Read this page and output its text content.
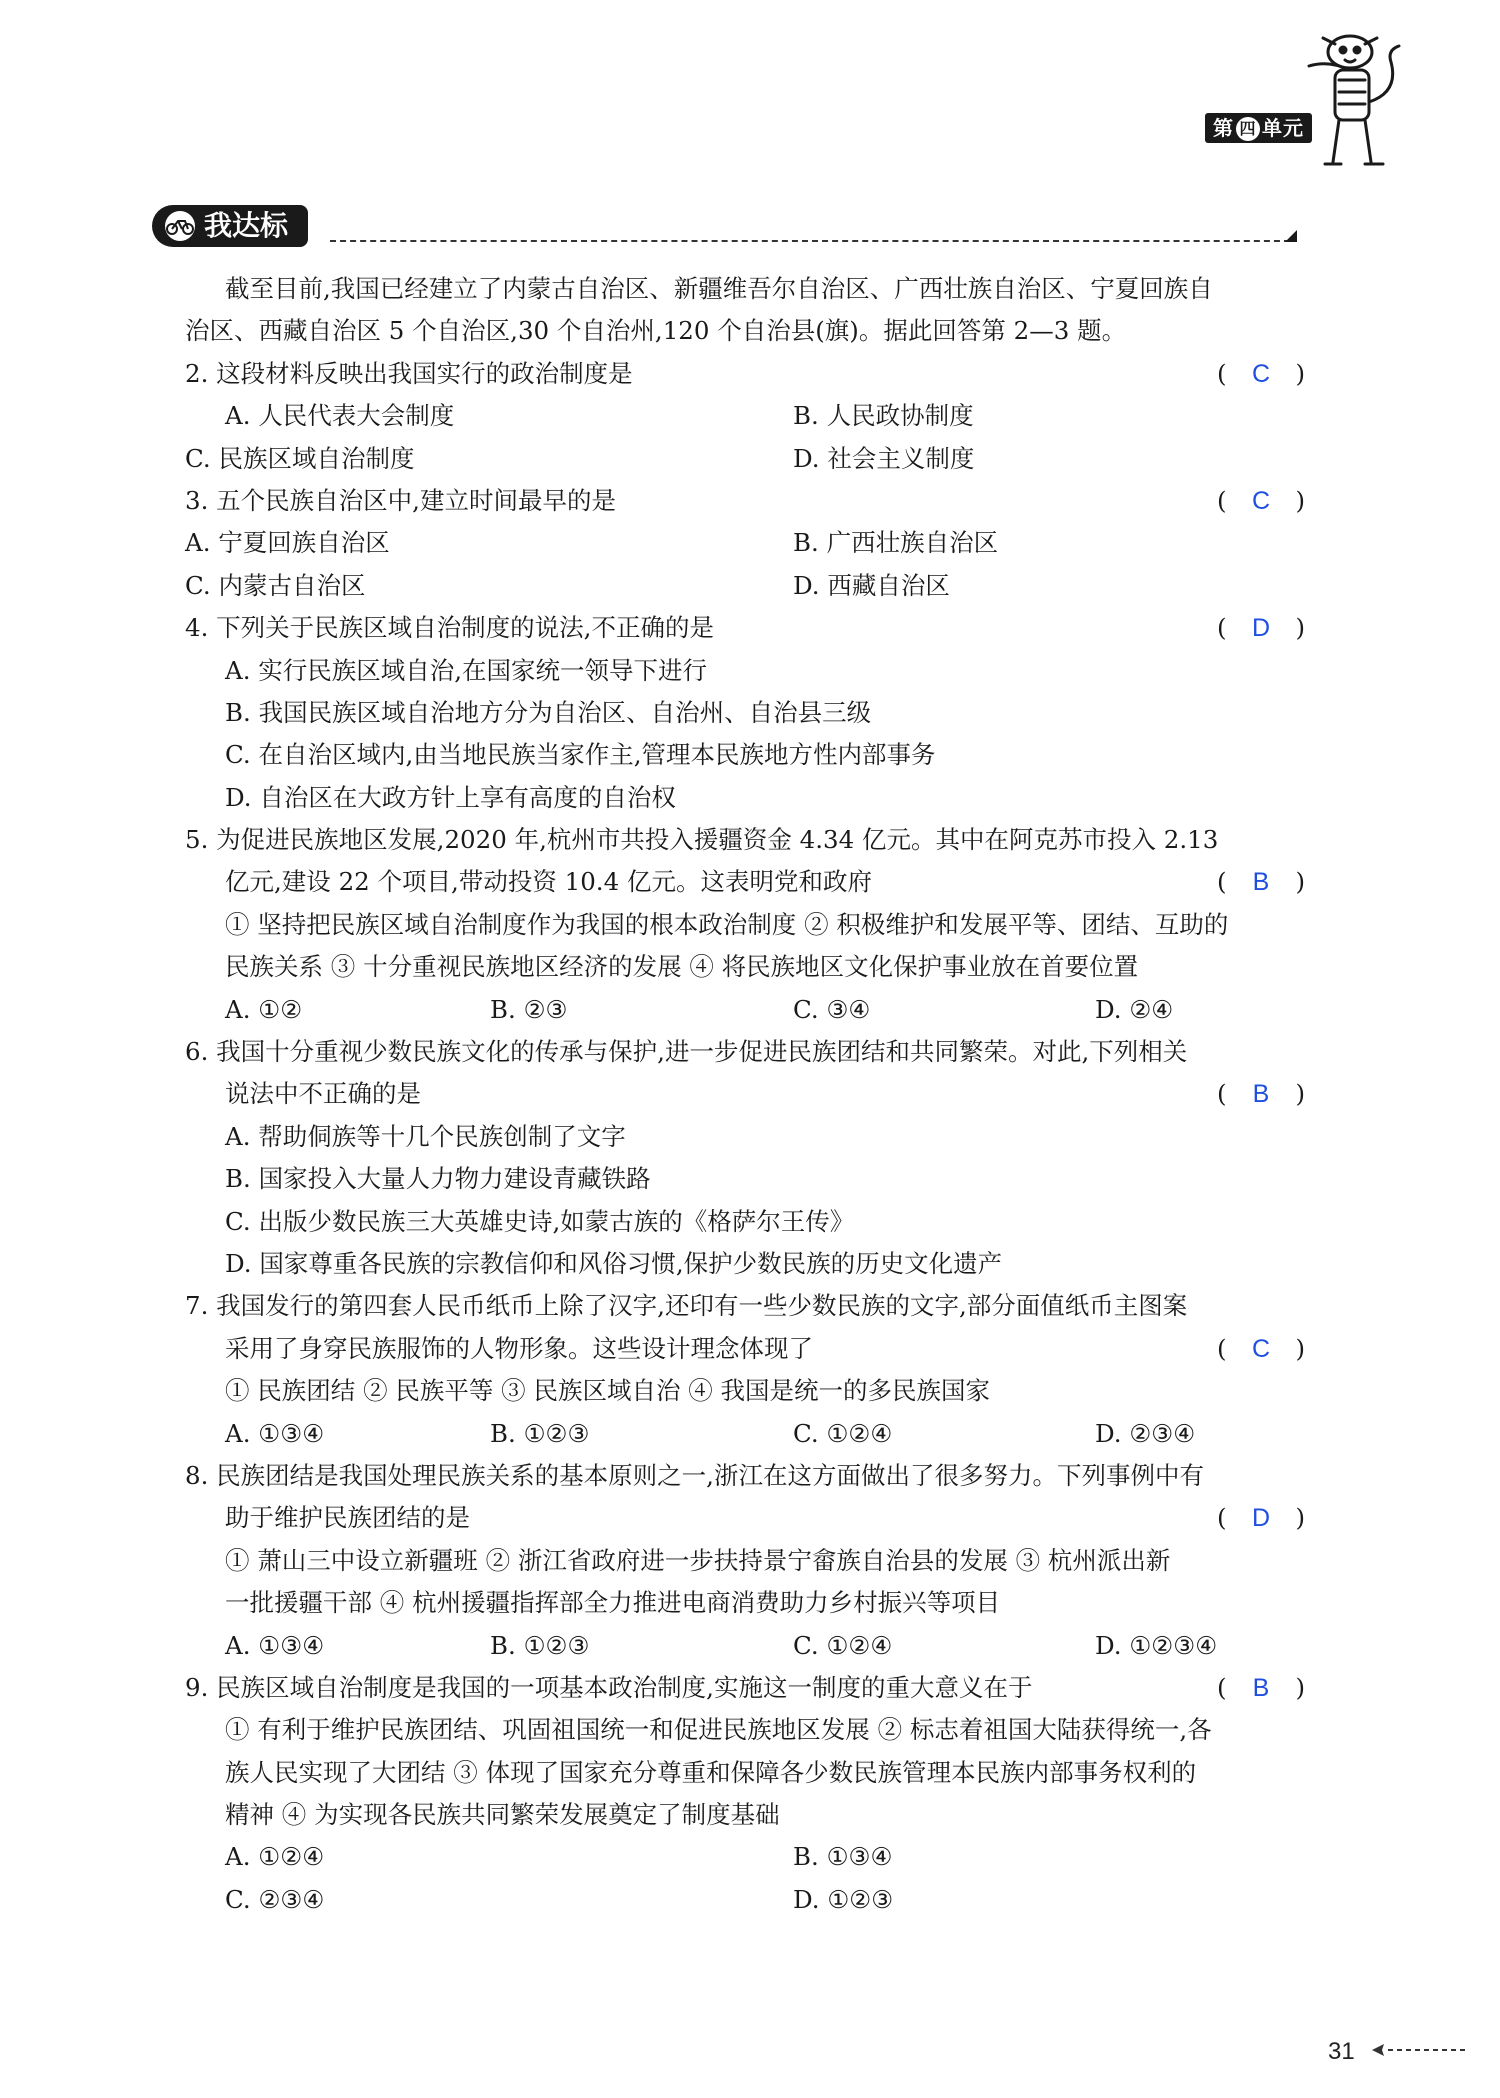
第 四 单元
我达标
截至目前,我国已经建立了内蒙古自治区、新疆维吾尔自治区、广西壮族自治区、宁夏回族自
治区、西藏自治区 5 个自治区,30 个自治州,120 个自治县(旗)。据此回答第 2—3 题。
2. 这段材料反映出我国实行的政治制度是	( C )
A. 人民代表大会制度	B. 人民政协制度
C. 民族区域自治制度	D. 社会主义制度
3. 五个民族自治区中,建立时间最早的是	( C )
A. 宁夏回族自治区	B. 广西壮族自治区
C. 内蒙古自治区	D. 西藏自治区
4. 下列关于民族区域自治制度的说法,不正确的是	( D )
A. 实行民族区域自治,在国家统一领导下进行
B. 我国民族区域自治地方分为自治区、自治州、自治县三级
C. 在自治区域内,由当地民族当家作主,管理本民族地方性内部事务
D. 自治区在大政方针上享有高度的自治权
5. 为促进民族地区发展,2020 年,杭州市共投入援疆资金 4.34 亿元。其中在阿克苏市投入 2.13
亿元,建设 22 个项目,带动投资 10.4 亿元。这表明党和政府	( B )
① 坚持把民族区域自治制度作为我国的根本政治制度 ② 积极维护和发展平等、团结、互助的
民族关系 ③ 十分重视民族地区经济的发展 ④ 将民族地区文化保护事业放在首要位置
A. ①②	B. ②③	C. ③④	D. ②④
6. 我国十分重视少数民族文化的传承与保护,进一步促进民族团结和共同繁荣。对此,下列相关
说法中不正确的是	( B )
A. 帮助侗族等十几个民族创制了文字
B. 国家投入大量人力物力建设青藏铁路
C. 出版少数民族三大英雄史诗,如蒙古族的《格萨尔王传》
D. 国家尊重各民族的宗教信仰和风俗习惯,保护少数民族的历史文化遗产
7. 我国发行的第四套人民币纸币上除了汉字,还印有一些少数民族的文字,部分面值纸币主图案
采用了身穿民族服饰的人物形象。这些设计理念体现了	( C )
① 民族团结 ② 民族平等 ③ 民族区域自治 ④ 我国是统一的多民族国家
A. ①③④	B. ①②③	C. ①②④	D. ②③④
8. 民族团结是我国处理民族关系的基本原则之一,浙江在这方面做出了很多努力。下列事例中有
助于维护民族团结的是	( D )
① 萧山三中设立新疆班 ② 浙江省政府进一步扶持景宁畲族自治县的发展 ③ 杭州派出新
一批援疆干部 ④ 杭州援疆指挥部全力推进电商消费助力乡村振兴等项目
A. ①③④	B. ①②③	C. ①②④	D. ①②③④
9. 民族区域自治制度是我国的一项基本政治制度,实施这一制度的重大意义在于	( B )
① 有利于维护民族团结、巩固祖国统一和促进民族地区发展 ② 标志着祖国大陆获得统一,各
族人民实现了大团结 ③ 体现了国家充分尊重和保障各少数民族管理本民族内部事务权利的
精神 ④ 为实现各民族共同繁荣发展奠定了制度基础
A. ①②④	B. ①③④
C. ②③④	D. ①②③
31
